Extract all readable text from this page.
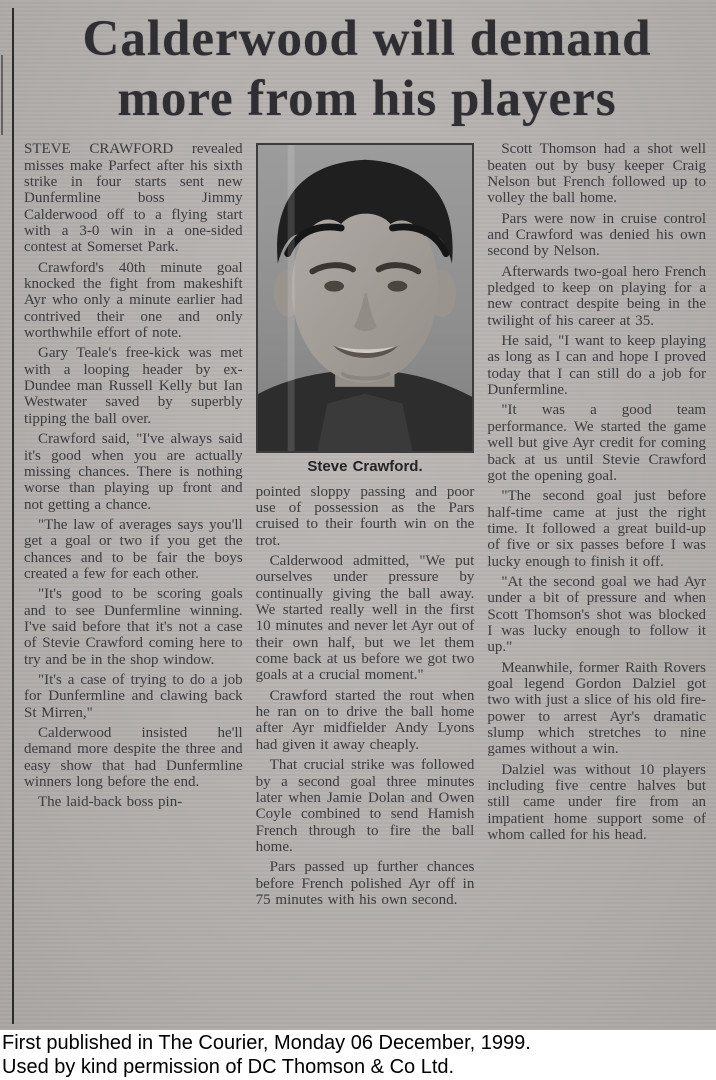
Calderwood will demand
more from his players

STEVE CRAWFORD revealed misses make Parfect after his sixth strike in four starts sent new Dunfermline boss Jimmy Calderwood off to a flying start with a 3-0 win in a one-sided contest at Somerset Park.

Crawford's 40th minute goal knocked the fight from makeshift Ayr who only a minute earlier had contrived their one and only worthwhile effort of note.

Gary Teale's free-kick was met with a looping header by ex-Dundee man Russell Kelly but Ian Westwater saved by superbly tipping the ball over.

Crawford said, "I've always said it's good when you are actually missing chances. There is nothing worse than playing up front and not getting a chance.

"The law of averages says you'll get a goal or two if you get the chances and to be fair the boys created a few for each other.

"It's good to be scoring goals and to see Dunfermline winning. I've said before that it's not a case of Stevie Crawford coming here to try and be in the shop window.

"It's a case of trying to do a job for Dunfermline and clawing back St Mirren,"

Calderwood insisted he'll demand more despite the three and easy show that had Dunfermline winners long before the end.

The laid-back boss pin-

Steve Crawford.

pointed sloppy passing and poor use of possession as the Pars cruised to their fourth win on the trot.

Calderwood admitted, "We put ourselves under pressure by continually giving the ball away. We started really well in the first 10 minutes and never let Ayr out of their own half, but we let them come back at us before we got two goals at a crucial moment."

Crawford started the rout when he ran on to drive the ball home after Ayr midfielder Andy Lyons had given it away cheaply.

That crucial strike was followed by a second goal three minutes later when Jamie Dolan and Owen Coyle combined to send Hamish French through to fire the ball home.

Pars passed up further chances before French polished Ayr off in 75 minutes with his own second.

Scott Thomson had a shot well beaten out by busy keeper Craig Nelson but French followed up to volley the ball home.

Pars were now in cruise control and Crawford was denied his own second by Nelson.

Afterwards two-goal hero French pledged to keep on playing for a new contract despite being in the twilight of his career at 35.

He said, "I want to keep playing as long as I can and hope I proved today that I can still do a job for Dunfermline.

"It was a good team performance. We started the game well but give Ayr credit for coming back at us until Stevie Crawford got the opening goal.

"The second goal just before half-time came at just the right time. It followed a great build-up of five or six passes before I was lucky enough to finish it off.

"At the second goal we had Ayr under a bit of pressure and when Scott Thomson's shot was blocked I was lucky enough to follow it up."

Meanwhile, former Raith Rovers goal legend Gordon Dalziel got two with just a slice of his old fire-power to arrest Ayr's dramatic slump which stretches to nine games without a win.

Dalziel was without 10 players including five centre halves but still came under fire from an impatient home support some of whom called for his head.

First published in The Courier, Monday 06 December, 1999.
Used by kind permission of DC Thomson & Co Ltd.
